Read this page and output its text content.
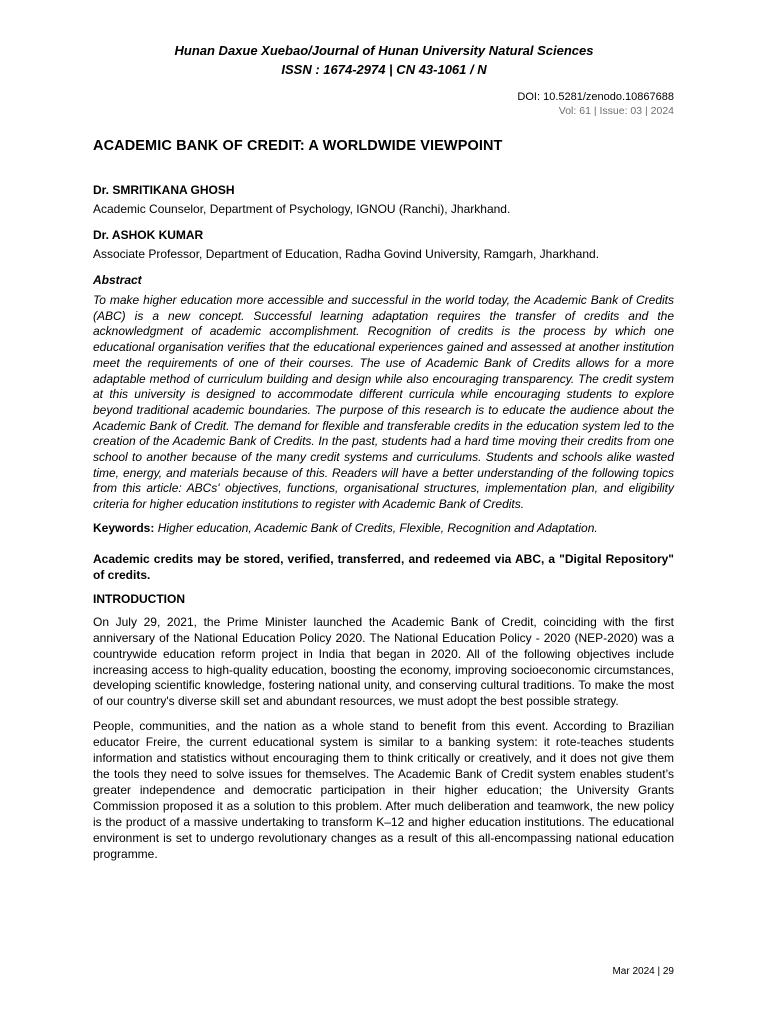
Hunan Daxue Xuebao/Journal of Hunan University Natural Sciences
ISSN : 1674-2974 | CN 43-1061 / N
DOI: 10.5281/zenodo.10867688
Vol: 61 | Issue: 03 | 2024
ACADEMIC BANK OF CREDIT: A WORLDWIDE VIEWPOINT
Dr. SMRITIKANA GHOSH
Academic Counselor, Department of Psychology, IGNOU (Ranchi), Jharkhand.
Dr. ASHOK KUMAR
Associate Professor, Department of Education, Radha Govind University, Ramgarh, Jharkhand.
Abstract
To make higher education more accessible and successful in the world today, the Academic Bank of Credits (ABC) is a new concept. Successful learning adaptation requires the transfer of credits and the acknowledgment of academic accomplishment. Recognition of credits is the process by which one educational organisation verifies that the educational experiences gained and assessed at another institution meet the requirements of one of their courses. The use of Academic Bank of Credits allows for a more adaptable method of curriculum building and design while also encouraging transparency. The credit system at this university is designed to accommodate different curricula while encouraging students to explore beyond traditional academic boundaries. The purpose of this research is to educate the audience about the Academic Bank of Credit. The demand for flexible and transferable credits in the education system led to the creation of the Academic Bank of Credits. In the past, students had a hard time moving their credits from one school to another because of the many credit systems and curriculums. Students and schools alike wasted time, energy, and materials because of this. Readers will have a better understanding of the following topics from this article: ABCs' objectives, functions, organisational structures, implementation plan, and eligibility criteria for higher education institutions to register with Academic Bank of Credits.
Keywords: Higher education, Academic Bank of Credits, Flexible, Recognition and Adaptation.
Academic credits may be stored, verified, transferred, and redeemed via ABC, a "Digital Repository" of credits.
INTRODUCTION
On July 29, 2021, the Prime Minister launched the Academic Bank of Credit, coinciding with the first anniversary of the National Education Policy 2020. The National Education Policy - 2020 (NEP-2020) was a countrywide education reform project in India that began in 2020. All of the following objectives include increasing access to high-quality education, boosting the economy, improving socioeconomic circumstances, developing scientific knowledge, fostering national unity, and conserving cultural traditions. To make the most of our country's diverse skill set and abundant resources, we must adopt the best possible strategy.
People, communities, and the nation as a whole stand to benefit from this event. According to Brazilian educator Freire, the current educational system is similar to a banking system: it rote-teaches students information and statistics without encouraging them to think critically or creatively, and it does not give them the tools they need to solve issues for themselves. The Academic Bank of Credit system enables student’s greater independence and democratic participation in their higher education; the University Grants Commission proposed it as a solution to this problem. After much deliberation and teamwork, the new policy is the product of a massive undertaking to transform K–12 and higher education institutions. The educational environment is set to undergo revolutionary changes as a result of this all-encompassing national education programme.
Mar 2024 | 29
